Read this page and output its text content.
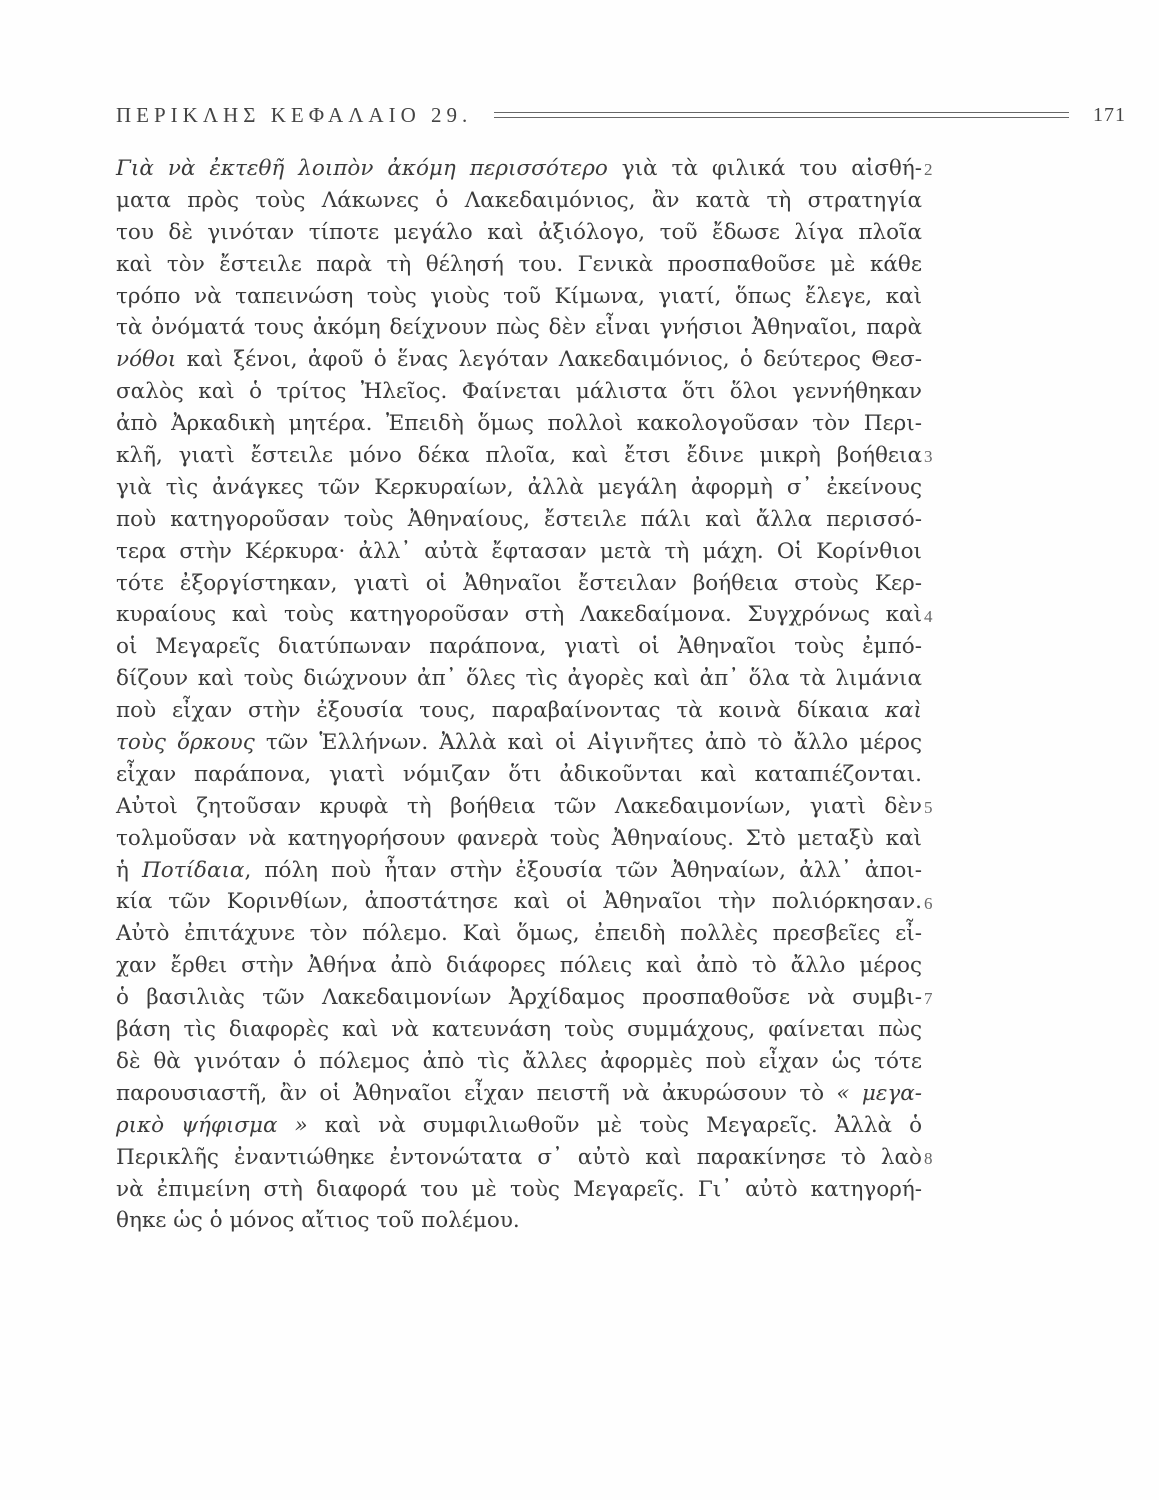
ΠΕΡΙΚΛΗΣ ΚΕΦΑΛΑΙΟ 29.	171
Γιὰ νὰ ἐκτεθῆ λοιπὸν ἀκόμη περισσότερο γιὰ τὰ φιλικά του αἰσθή-
ματα πρὸς τοὺς Λάκωνες ὁ Λακεδαιμόνιος, ἂν κατὰ τὴ στρατηγία
του δὲ γινόταν τίποτε μεγάλο καὶ ἀξιόλογο, τοῦ ἔδωσε λίγα πλοῖα
καὶ τὸν ἔστειλε παρὰ τὴ θέλησή του. Γενικὰ προσπαθοῦσε μὲ κάθε
τρόπο νὰ ταπεινώση τοὺς γιοὺς τοῦ Κίμωνα, γιατί, ὅπως ἔλεγε, καὶ
τὰ ὀνόματά τους ἀκόμη δείχνουν πὼς δὲν εἶναι γνήσιοι Ἀθηναῖοι, παρὰ
νόθοι καὶ ξένοι, ἀφοῦ ὁ ἕνας λεγόταν Λακεδαιμόνιος, ὁ δεύτερος Θεσ-
σαλὸς καὶ ὁ τρίτος Ἠλεῖος. Φαίνεται μάλιστα ὅτι ὅλοι γεννήθηκαν
ἀπὸ Ἀρκαδικὴ μητέρα. Ἐπειδὴ ὅμως πολλοὶ κακολογοῦσαν τὸν Περι-
κλῆ, γιατὶ ἔστειλε μόνο δέκα πλοῖα, καὶ ἔτσι ἔδινε μικρὴ βοήθεια
γιὰ τὶς ἀνάγκες τῶν Κερκυραίων, ἀλλὰ μεγάλη ἀφορμὴ σ᾽ ἐκείνους
ποὺ κατηγοροῦσαν τοὺς Ἀθηναίους, ἔστειλε πάλι καὶ ἄλλα περισσό-
τερα στὴν Κέρκυρα· ἀλλ᾽ αὐτὰ ἔφτασαν μετὰ τὴ μάχη. Οἱ Κορίνθιοι
τότε ἐξοργίστηκαν, γιατὶ οἱ Ἀθηναῖοι ἔστειλαν βοήθεια στοὺς Κερ-
κυραίους καὶ τοὺς κατηγοροῦσαν στὴ Λακεδαίμονα. Συγχρόνως καὶ
οἱ Μεγαρεῖς διατύπωναν παράπονα, γιατὶ οἱ Ἀθηναῖοι τοὺς ἐμπό-
δίζουν καὶ τοὺς διώχνουν ἀπ᾽ ὅλες τὶς ἀγορὲς καὶ ἀπ᾽ ὅλα τὰ λιμάνια
ποὺ εἶχαν στὴν ἐξουσία τους, παραβαίνοντας τὰ κοινὰ δίκαια καὶ
τοὺς ὅρκους τῶν Ἑλλήνων. Ἀλλὰ καὶ οἱ Αἰγινῆτες ἀπὸ τὸ ἄλλο μέρος
εἶχαν παράπονα, γιατὶ νόμιζαν ὅτι ἀδικοῦνται καὶ καταπιέζονται.
Αὐτοὶ ζητοῦσαν κρυφὰ τὴ βοήθεια τῶν Λακεδαιμονίων, γιατὶ δὲν
τολμοῦσαν νὰ κατηγορήσουν φανερὰ τοὺς Ἀθηναίους. Στὸ μεταξὺ καὶ
ἡ Ποτίδαια, πόλη ποὺ ἦταν στὴν ἐξουσία τῶν Ἀθηναίων, ἀλλ᾽ ἀποι-
κία τῶν Κορινθίων, ἀποστάτησε καὶ οἱ Ἀθηναῖοι τὴν πολιόρκησαν.
Αὐτὸ ἐπιτάχυνε τὸν πόλεμο. Καὶ ὅμως, ἐπειδὴ πολλὲς πρεσβεῖες εἶ-
χαν ἔρθει στὴν Ἀθήνα ἀπὸ διάφορες πόλεις καὶ ἀπὸ τὸ ἄλλο μέρος
ὁ βασιλιὰς τῶν Λακεδαιμονίων Ἀρχίδαμος προσπαθοῦσε νὰ συμβι-
βάση τὶς διαφορὲς καὶ νὰ κατευνάση τοὺς συμμάχους, φαίνεται πὼς
δὲ θὰ γινόταν ὁ πόλεμος ἀπὸ τὶς ἄλλες ἀφορμὲς ποὺ εἶχαν ὡς τότε
παρουσιαστῆ, ἂν οἱ Ἀθηναῖοι εἶχαν πειστῆ νὰ ἀκυρώσουν τὸ « μεγα-
ρικὸ ψήφισμα » καὶ νὰ συμφιλιωθοῦν μὲ τοὺς Μεγαρεῖς. Ἀλλὰ ὁ
Περικλῆς ἐναντιώθηκε ἐντονώτατα σ᾽ αὐτὸ καὶ παρακίνησε τὸ λαὸ
νὰ ἐπιμείνη στὴ διαφορά του μὲ τοὺς Μεγαρεῖς. Γι᾽ αὐτὸ κατηγορή-
θηκε ὡς ὁ μόνος αἴτιος τοῦ πολέμου.
2
3
4
5
6
7
8
